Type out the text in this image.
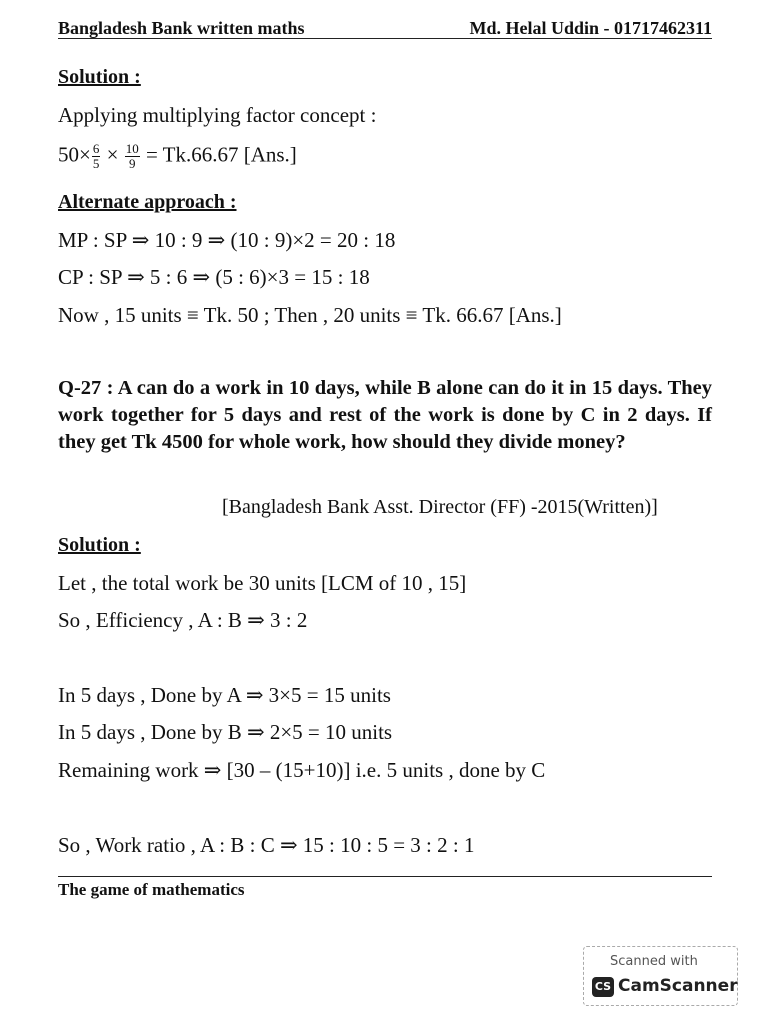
Bangladesh Bank written maths	Md. Helal Uddin - 01717462311
Solution :
Applying multiplying factor concept :
$50\times \frac{6}{5} \times \frac{10}{9} = Tk.66.67$ [Ans.]
Alternate approach :
MP : SP ⇒ 10 : 9 ⇒ (10 : 9)×2 = 20 : 18
CP : SP ⇒ 5 : 6 ⇒ (5 : 6)×3 = 15 : 18
Now , 15 units ≡ Tk. 50 ; Then , 20 units ≡ Tk. 66.67 [Ans.]
Q-27 : A can do a work in 10 days, while B alone can do it in 15 days. They work together for 5 days and rest of the work is done by C in 2 days. If they get Tk 4500 for whole work, how should they divide money?
[Bangladesh Bank Asst. Director (FF) -2015(Written)]
Solution :
Let , the total work be 30 units [LCM of 10 , 15]
So , Efficiency , A : B ⇒ 3 : 2
In 5 days , Done by A ⇒ 3×5 = 15 units
In 5 days , Done by B ⇒ 2×5 = 10 units
Remaining work ⇒ [30 – (15+10)] i.e. 5 units , done by C
So , Work ratio , A : B : C ⇒ 15 : 10 : 5 = 3 : 2 : 1
The game of mathematics
Scanned with
CS CamScanner
